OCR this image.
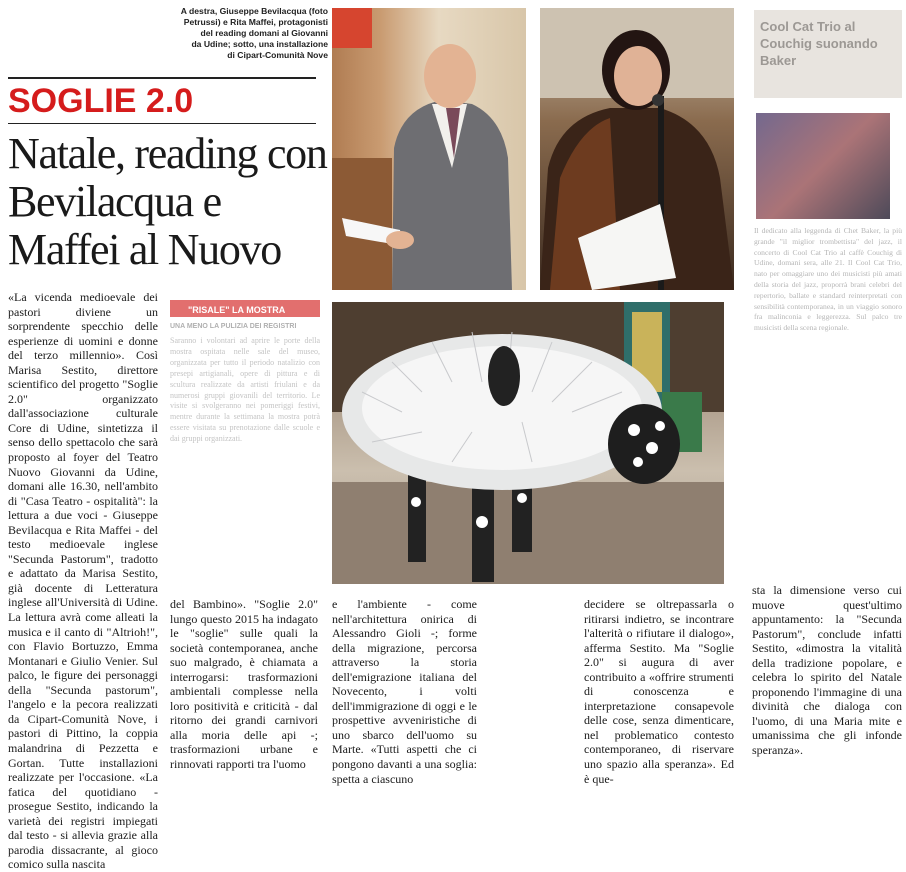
A destra, Giuseppe Bevilacqua (foto
Petrussi) e Rita Maffei, protagonisti
del reading domani al Giovanni
da Udine; sotto, una installazione
di Cipart-Comunità Nove
SOGLIE 2.0
Natale, reading con Bevilacqua e Maffei al Nuovo
«La vicenda medioevale dei pastori diviene un sorprendente specchio delle esperienze di uomini e donne del terzo millennio». Così Marisa Sestito, direttore scientifico del progetto "Soglie 2.0" organizzato dall'associazione culturale Core di Udine, sintetizza il senso dello spettacolo che sarà proposto al foyer del Teatro Nuovo Giovanni da Udine, domani alle 16.30, nell'ambito di "Casa Teatro - ospitalità": la lettura a due voci - Giuseppe Bevilacqua e Rita Maffei - del testo medioevale inglese "Secunda Pastorum", tradotto e adattato da Marisa Sestito, già docente di Letteratura inglese all'Università di Udine. La lettura avrà come alleati la musica e il canto di "Altrioh!", con Flavio Bortuzzo, Emma Montanari e Giulio Venier. Sul palco, le figure dei personaggi della "Secunda pastorum", l'angelo e la pecora realizzati da Cipart-Comunità Nove, i pastori di Pittino, la coppia malandrina di Pezzetta e Gortan. Tutte installazioni realizzate per l'occasione. «La fatica del quotidiano - prosegue Sestito, indicando la varietà dei registri impiegati dal testo - si allevia grazie alla parodia dissacrante, al gioco comico sulla nascita
del Bambino». "Soglie 2.0" lungo questo 2015 ha indagato le "soglie" sulle quali la società contemporanea, anche suo malgrado, è chiamata a interrogarsi: trasformazioni ambientali complesse nella loro positività e criticità - dal ritorno dei grandi carnivori alla moria delle api -; trasformazioni urbane e rinnovati rapporti tra l'uomo
e l'ambiente - come nell'architettura onirica di Alessandro Gioli -; forme della migrazione, percorsa attraverso la storia dell'emigrazione italiana del Novecento, i volti dell'immigrazione di oggi e le prospettive avveniristiche di uno sbarco dell'uomo su Marte. «Tutti aspetti che ci pongono davanti a una soglia: spetta a ciascuno
decidere se oltrepassarla o ritirarsi indietro, se incontrare l'alterità o rifiutare il dialogo», afferma Sestito. Ma "Soglie 2.0" si augura di aver contribuito a «offrire strumenti di conoscenza e interpretazione consapevole delle cose, senza dimenticare, nel problematico contesto contemporaneo, di riservare uno spazio alla speranza». Ed è que-
sta la dimensione verso cui muove quest'ultimo appuntamento: la "Secunda Pastorum", conclude infatti Sestito, «dimostra la vitalità della tradizione popolare, e celebra lo spirito del Natale proponendo l'immagine di una divinità che dialoga con l'uomo, di una Maria mite e umanissima che gli infonde speranza».
"RISALE" LA MOSTRA
UNA MENO LA PULIZIA DEI REGISTRI
Saranno i volontari ad aprire le porte della mostra ospitata nelle sale del museo, organizzata per tutto il periodo natalizio con presepi artigianali, opere di pittura e di scultura realizzate da artisti friulani e da numerosi gruppi giovanili del territorio. Le visite si svolgeranno nei pomeriggi festivi, mentre durante la settimana la mostra potrà essere visitata su prenotazione dalle scuole e dai gruppi organizzati.
Cool Cat Trio al Couchig suonando Baker
Il dedicato alla leggenda di Chet Baker, la più grande "il miglior trombettista" del jazz, il concerto di Cool Cat Trio al caffè Couchig di Udine, domani sera, alle 21. Il Cool Cat Trio, nato per omaggiare uno dei musicisti più amati della storia del jazz, proporrà brani celebri del repertorio, ballate e standard reinterpretati con sensibilità contemporanea, in un viaggio sonoro fra malinconia e leggerezza. Sul palco tre musicisti della scena regionale.
